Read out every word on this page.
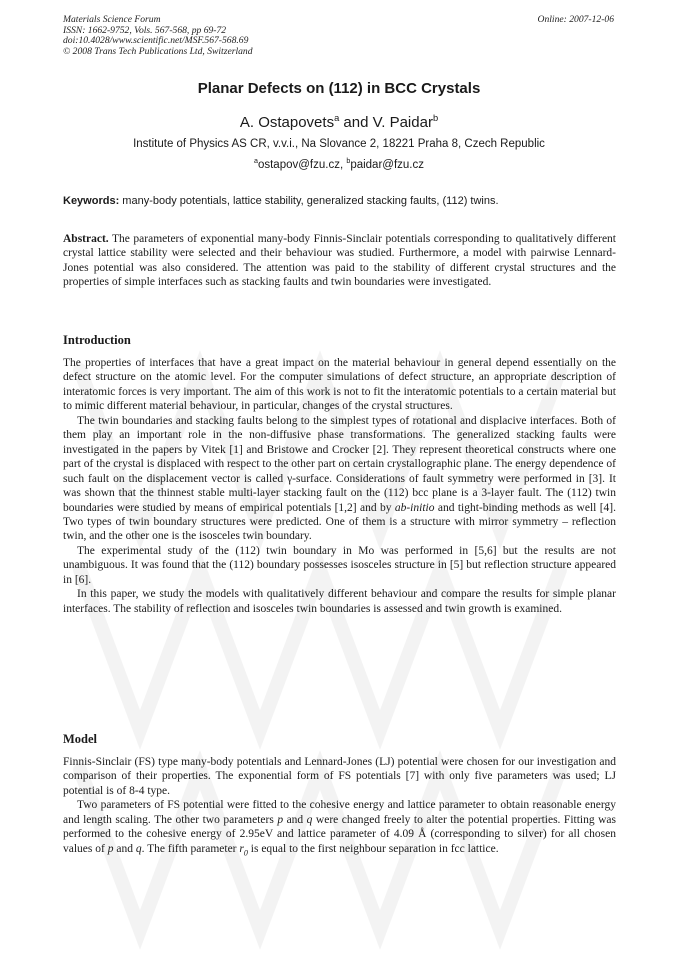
Materials Science Forum
ISSN: 1662-9752, Vols. 567-568, pp 69-72
doi:10.4028/www.scientific.net/MSF.567-568.69
© 2008 Trans Tech Publications Ltd, Switzerland
Online: 2007-12-06
Planar Defects on (112) in BCC Crystals
A. Ostapovets$^a$ and V. Paidar$^b$
Institute of Physics AS CR, v.v.i., Na Slovance 2, 18221 Praha 8, Czech Republic
$^a$ostapov@fzu.cz, $^b$paidar@fzu.cz
Keywords: many-body potentials, lattice stability, generalized stacking faults, (112) twins.

Abstract. The parameters of exponential many-body Finnis-Sinclair potentials corresponding to qualitatively different crystal lattice stability were selected and their behaviour was studied. Furthermore, a model with pairwise Lennard-Jones potential was also considered. The attention was paid to the stability of different crystal structures and the properties of simple interfaces such as stacking faults and twin boundaries were investigated.

Introduction

The properties of interfaces that have a great impact on the material behaviour in general depend essentially on the defect structure on the atomic level. For the computer simulations of defect structure, an appropriate description of interatomic forces is very important. The aim of this work is not to fit the interatomic potentials to a certain material but to mimic different material behaviour, in particular, changes of the crystal structures.

The twin boundaries and stacking faults belong to the simplest types of rotational and displacive interfaces. Both of them play an important role in the non-diffusive phase transformations. The generalized stacking faults were investigated in the papers by Vitek [1] and Bristowe and Crocker [2]. They represent theoretical constructs where one part of the crystal is displaced with respect to the other part on certain crystallographic plane. The energy dependence of such fault on the displacement vector is called γ-surface. Considerations of fault symmetry were performed in [3]. It was shown that the thinnest stable multi-layer stacking fault on the (112) bcc plane is a 3-layer fault. The (112) twin boundaries were studied by means of empirical potentials [1,2] and by ab-initio and tight-binding methods as well [4]. Two types of twin boundary structures were predicted. One of them is a structure with mirror symmetry – reflection twin, and the other one is the isosceles twin boundary.

The experimental study of the (112) twin boundary in Mo was performed in [5,6] but the results are not unambiguous. It was found that the (112) boundary possesses isosceles structure in [5] but reflection structure appeared in [6].

In this paper, we study the models with qualitatively different behaviour and compare the results for simple planar interfaces. The stability of reflection and isosceles twin boundaries is assessed and twin growth is examined.

Model

Finnis-Sinclair (FS) type many-body potentials and Lennard-Jones (LJ) potential were chosen for our investigation and comparison of their properties. The exponential form of FS potentials [7] with only five parameters was used; LJ potential is of 8-4 type.

Two parameters of FS potential were fitted to the cohesive energy and lattice parameter to obtain reasonable energy and length scaling. The other two parameters p and q were changed freely to alter the potential properties. Fitting was performed to the cohesive energy of 2.95eV and lattice parameter of 4.09 Å (corresponding to silver) for all chosen values of p and q. The fifth parameter $r_0$ is equal to the first neighbour separation in fcc lattice.
